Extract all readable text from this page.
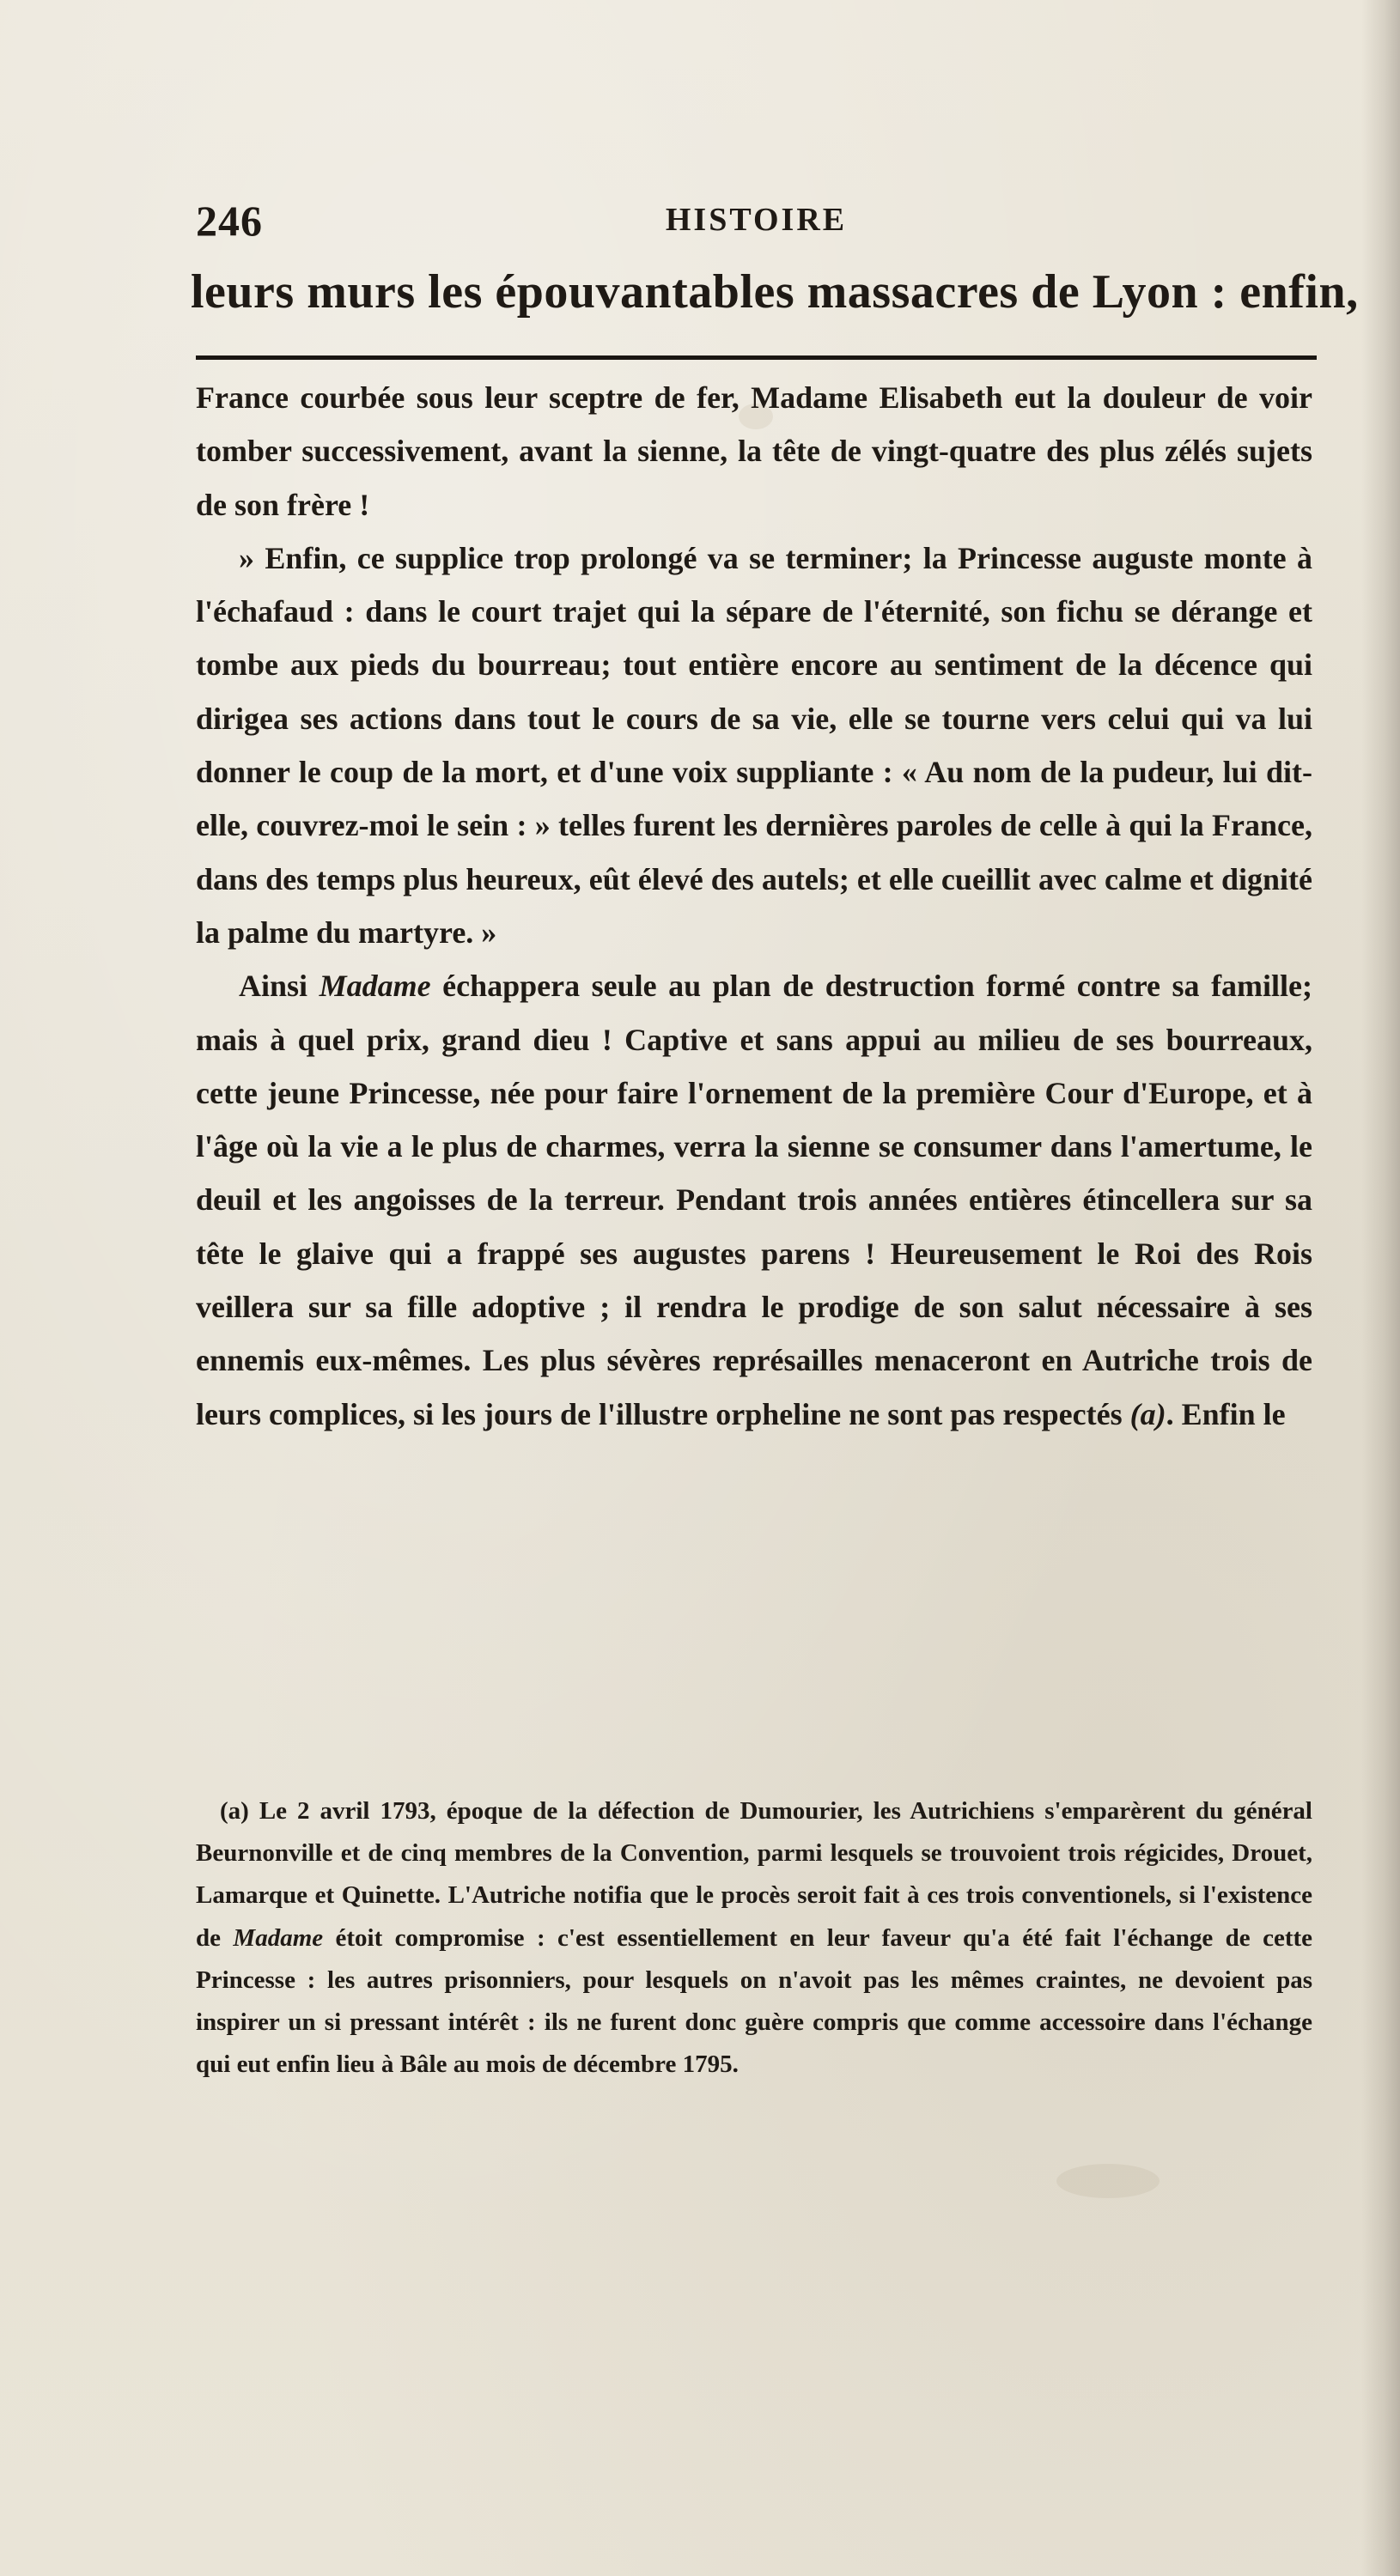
246	HISTOIRE
leurs murs les épouvantables massacres de Lyon : enfin,

France courbée sous leur sceptre de fer, Madame Elisabeth eut la douleur de voir tomber successivement, avant la sienne, la tête de vingt-quatre des plus zélés sujets de son frère !

» Enfin, ce supplice trop prolongé va se terminer; la Princesse auguste monte à l'échafaud : dans le court trajet qui la sépare de l'éternité, son fichu se dérange et tombe aux pieds du bourreau; tout entière encore au sentiment de la décence qui dirigea ses actions dans tout le cours de sa vie, elle se tourne vers celui qui va lui donner le coup de la mort, et d'une voix suppliante : « Au nom de la pudeur, lui dit-elle, couvrez-moi le sein : » telles furent les dernières paroles de celle à qui la France, dans des temps plus heureux, eût élevé des autels; et elle cueillit avec calme et dignité la palme du martyre. »

Ainsi Madame échappera seule au plan de destruction formé contre sa famille; mais à quel prix, grand dieu ! Captive et sans appui au milieu de ses bourreaux, cette jeune Princesse, née pour faire l'ornement de la première Cour d'Europe, et à l'âge où la vie a le plus de charmes, verra la sienne se consumer dans l'amertume, le deuil et les angoisses de la terreur. Pendant trois années entières étincellera sur sa tête le glaive qui a frappé ses augustes parens ! Heureusement le Roi des Rois veillera sur sa fille adoptive ; il rendra le prodige de son salut nécessaire à ses ennemis eux-mêmes. Les plus sévères représailles menaceront en Autriche trois de leurs complices, si les jours de l'illustre orpheline ne sont pas respectés (a). Enfin le

(a) Le 2 avril 1793, époque de la défection de Dumourier, les Autrichiens s'emparèrent du général Beurnonville et de cinq membres de la Convention, parmi lesquels se trouvoient trois régicides, Drouet, Lamarque et Quinette. L'Autriche notifia que le procès seroit fait à ces trois conventionels, si l'existence de Madame étoit compromise : c'est essentiellement en leur faveur qu'a été fait l'échange de cette Princesse : les autres prisonniers, pour lesquels on n'avoit pas les mêmes craintes, ne devoient pas inspirer un si pressant intérêt : ils ne furent donc guère compris que comme accessoire dans l'échange qui eut enfin lieu à Bâle au mois de décembre 1795.
